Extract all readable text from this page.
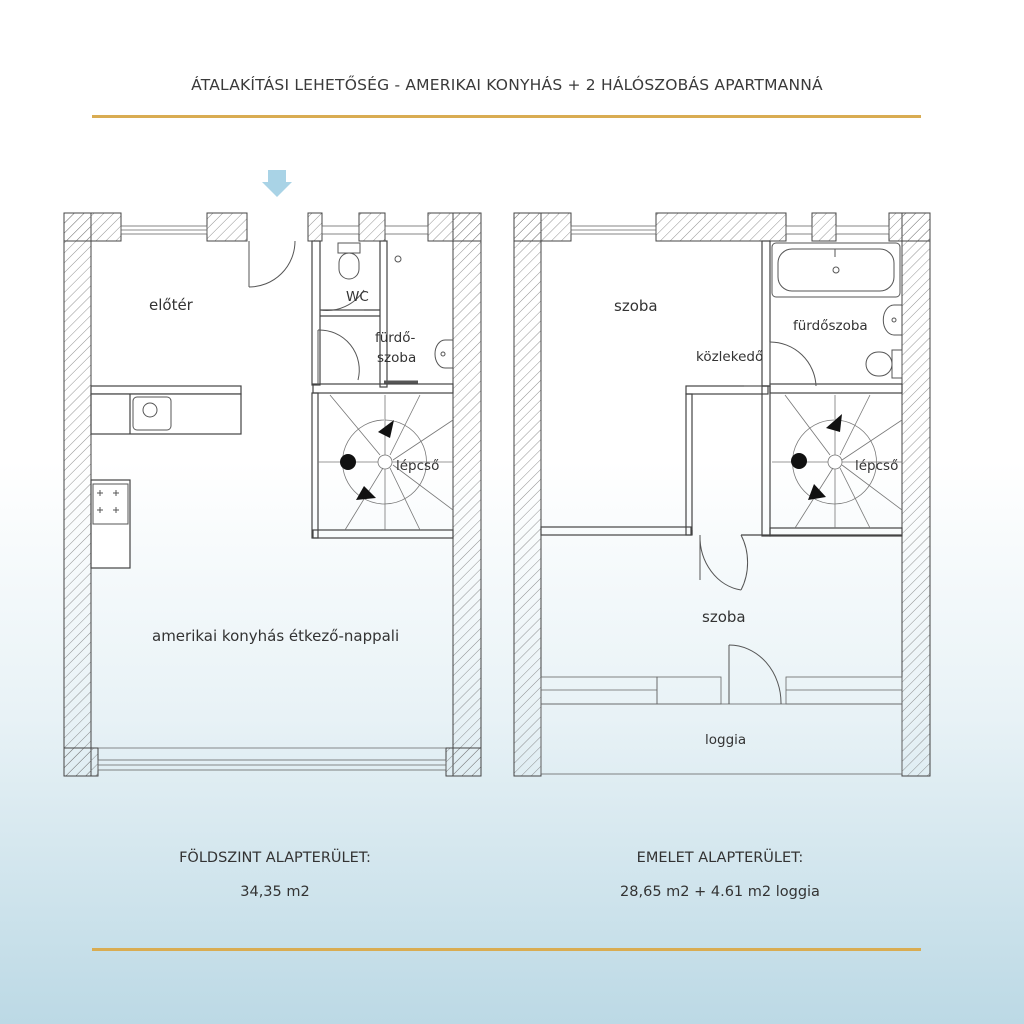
ÁTALAKÍTÁSI LEHETŐSÉG - AMERIKAI KONYHÁS + 2 HÁLÓSZOBÁS APARTMANNÁ
előtér	WC
fürdő-
szoba
lépcső
amerikai konyhás étkező-nappali
szoba
fürdőszoba
közlekedő
lépcső
szoba
loggia
FÖLDSZINT ALAPTERÜLET:
34,35 m2
EMELET ALAPTERÜLET:
28,65 m2 + 4.61 m2 loggia
